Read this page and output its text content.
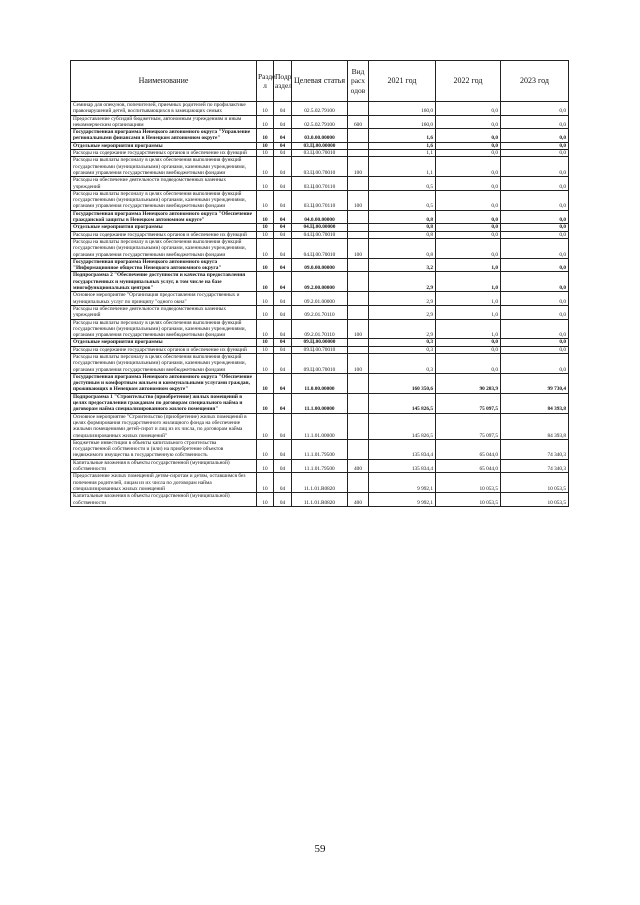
Наименование	Разде л	Подр аздел	Целевая статья	Вид расх одов	2021 год	2022 год	2023 год
Семинар для опекунов, попечителей, приемных родителей по профилактике правонарушений детей, воспитывающихся в замещающих семьях	10	04	02.5.02.79100		160,0	0,0	0,0
Предоставление субсидий бюджетным, автономным учреждениям и иным некоммерческим организациям	10	04	02.5.02.79100	600	160,0	0,0	0,0
Государственная программа Ненецкого автономного округа "Управление региональными финансами в Ненецком автономном округе"	10	04	03.0.00.00000		1,6	0,0	0,0
Отдельные мероприятия программы	10	04	03.Ц.00.00000		1,6	0,0	0,0
Расходы на содержание государственных органов и обеспечение их функций	10	04	03.Ц.00.70010		1,1	0,0	0,0
Расходы на выплаты персоналу в целях обеспечения выполнения функций государственными (муниципальными) органами, казенными учреждениями, органами управления государственными внебюджетными фондами	10	04	03.Ц.00.70010	100	1,1	0,0	0,0
Расходы на обеспечение деятельности подведомственных казенных учреждений	10	04	03.Ц.00.70110		0,5	0,0	0,0
Расходы на выплаты персоналу в целях обеспечения выполнения функций государственными (муниципальными) органами, казенными учреждениями, органами управления государственными внебюджетными фондами	10	04	03.Ц.00.70110	100	0,5	0,0	0,0
Государственная программа Ненецкого автономного округа "Обеспечение гражданской защиты в Ненецком автономном округе"	10	04	04.0.00.00000		0,8	0,0	0,0
Отдельные мероприятия программы	10	04	04.Ц.00.00000		0,8	0,0	0,0
Расходы на содержание государственных органов и обеспечение их функций	10	04	04.Ц.00.70010		0,8	0,0	0,0
Расходы на выплаты персоналу в целях обеспечения выполнения функций государственными (муниципальными) органами, казенными учреждениями, органами управления государственными внебюджетными фондами	10	04	04.Ц.00.70010	100	0,8	0,0	0,0
Государственная программа Ненецкого автономного округа "Информационное общество Ненецкого автономного округа"	10	04	09.0.00.00000		3,2	1,0	0,0
Подпрограмма 2 "Обеспечение доступности и качества предоставления государственных и муниципальных услуг, в том числе на базе многофункциональных центров"	10	04	09.2.00.00000		2,9	1,0	0,0
Основное мероприятие "Организация предоставления государственных и муниципальных услуг по принципу "одного окна"	10	04	09.2.01.00000		2,9	1,0	0,0
Расходы на обеспечение деятельности подведомственных казенных учреждений	10	04	09.2.01.70110		2,9	1,0	0,0
Расходы на выплаты персоналу в целях обеспечения выполнения функций государственными (муниципальными) органами, казенными учреждениями, органами управления государственными внебюджетными фондами	10	04	09.2.01.70110	100	2,9	1,0	0,0
Отдельные мероприятия программы	10	04	09.Ц.00.00000		0,3	0,0	0,0
Расходы на содержание государственных органов и обеспечение их функций	10	04	09.Ц.00.70010		0,3	0,0	0,0
Расходы на выплаты персоналу в целях обеспечения выполнения функций государственными (муниципальными) органами, казенными учреждениями, органами управления государственными внебюджетными фондами	10	04	09.Ц.00.70010	100	0,3	0,0	0,0
Государственная программа Ненецкого автономного округа "Обеспечение доступным и комфортным жильем и коммунальными услугами граждан, проживающих в Ненецком автономном округе"	10	04	11.0.00.00000		160 350,6	90 203,9	99 730,4
Подпрограмма 1 "Строительство (приобретение) жилых помещений в целях предоставления гражданам по договорам специального найма и договорам найма специализированного жилого помещения"	10	04	11.1.00.00000		145 826,5	75 097,5	84 393,8
Основное мероприятие "Строительство (приобретение) жилых помещений в целях формирования государственного жилищного фонда на обеспечение жилыми помещениями детей-сирот и лиц из их числа, по договорам найма специализированных жилых помещений"	10	04	11.1.01.00000		145 826,5	75 097,5	84 393,8
Бюджетные инвестиции в объекты капитального строительства государственной собственности и (или) на приобретение объектов недвижимого имущества в государственную собственность	10	04	11.1.01.79500		135 834,4	65 044,0	74 340,3
Капитальные вложения в объекты государственной (муниципальной) собственности	10	04	11.1.01.79500	400	135 834,4	65 044,0	74 340,3
Предоставление жилых помещений детям-сиротам и детям, оставшимся без попечения родителей, лицам из их числа по договорам найма специализированных жилых помещений	10	04	11.1.01.R0820		9 992,1	10 053,5	10 053,5
Капитальные вложения в объекты государственной (муниципальной) собственности	10	04	11.1.01.R0820	400	9 992,1	10 053,5	10 053,5
59
